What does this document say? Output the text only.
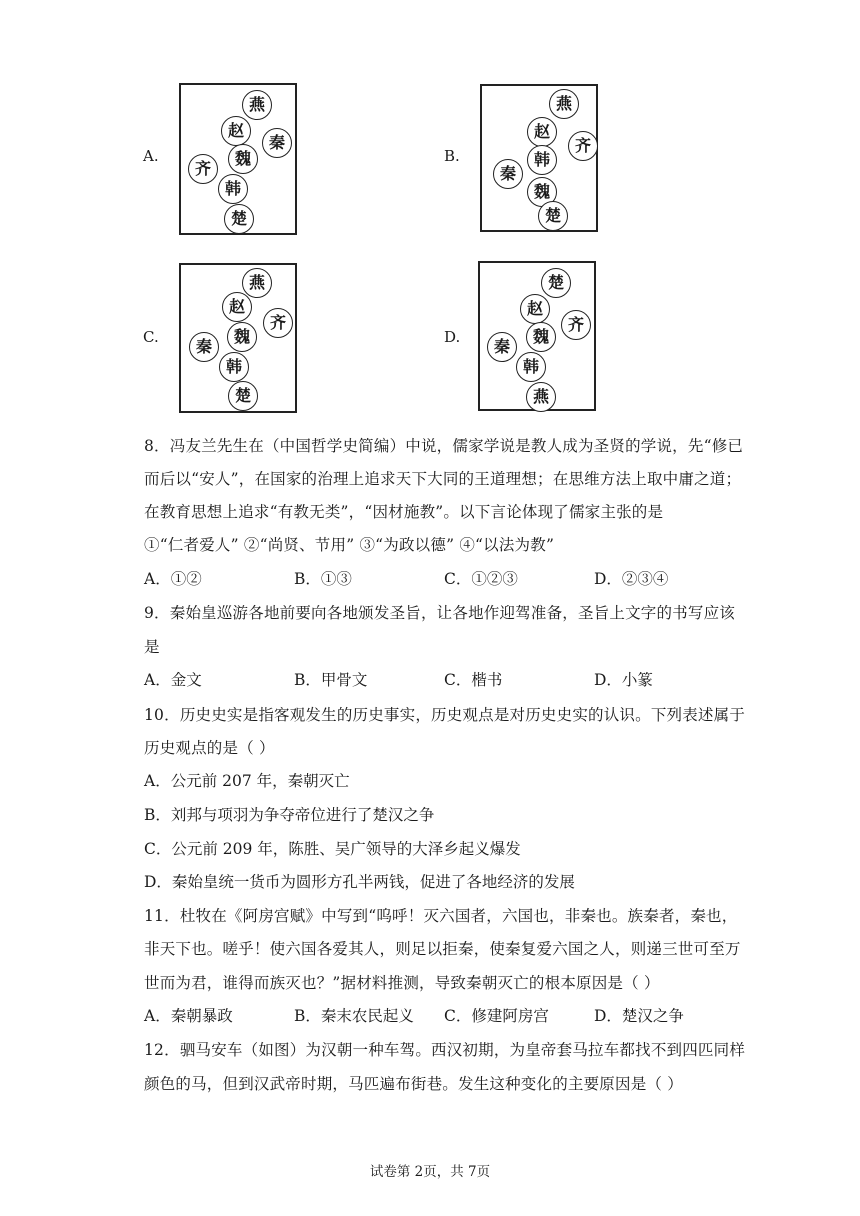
A.
燕
赵
秦
齐
魏
韩
楚
B.
燕
赵
齐
韩
秦
魏
楚
C.
燕
赵
齐
秦
魏
韩
楚
D.
楚
赵
齐
秦
魏
韩
燕
8．冯友兰先生在（中国哲学史简编）中说，儒家学说是教人成为圣贤的学说，先“修已
而后以“安人”，在国家的治理上追求天下大同的王道理想；在思维方法上取中庸之道；
在教育思想上追求“有教无类”，“因材施教”。以下言论体现了儒家主张的是
①“仁者爱人” ②“尚贤、节用” ③“为政以德” ④“以法为教”
A．①②	B．①③	C．①②③	D．②③④
9．秦始皇巡游各地前要向各地颁发圣旨，让各地作迎驾准备，圣旨上文字的书写应该
是
A．金文	B．甲骨文	C．楷书	D．小篆
10．历史史实是指客观发生的历史事实，历史观点是对历史史实的认识。下列表述属于
历史观点的是（ ）
A．公元前 207 年，秦朝灭亡
B．刘邦与项羽为争夺帝位进行了楚汉之争
C．公元前 209 年，陈胜、吴广领导的大泽乡起义爆发
D．秦始皇统一货币为圆形方孔半两钱，促进了各地经济的发展
11．杜牧在《阿房宫赋》中写到“呜呼！灭六国者，六国也，非秦也。族秦者，秦也，
非天下也。嗟乎！使六国各爱其人，则足以拒秦，使秦复爱六国之人，则递三世可至万
世而为君，谁得而族灭也？”据材料推测，导致秦朝灭亡的根本原因是（ ）
A．秦朝暴政	B．秦末农民起义 C．修建阿房宫	D．楚汉之争
12．驷马安车（如图）为汉朝一种车驾。西汉初期，为皇帝套马拉车都找不到四匹同样
颜色的马，但到汉武帝时期，马匹遍布街巷。发生这种变化的主要原因是（ ）
试卷第 2页，共 7页
